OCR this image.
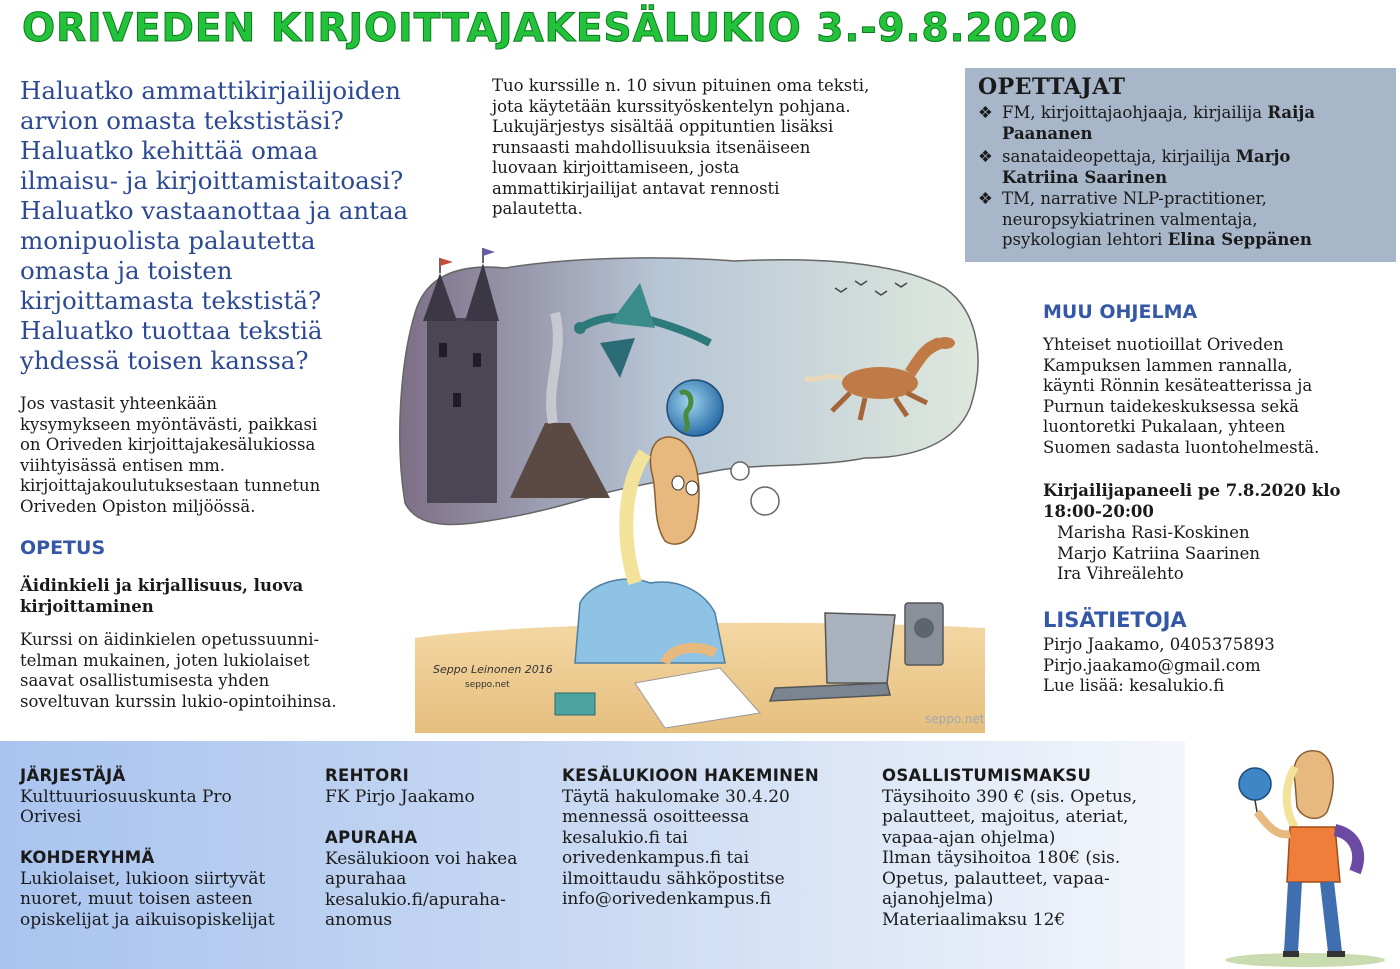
ORIVEDEN KIRJOITTAJAKESÄLUKIO 3.-9.8.2020
Haluatko ammattikirjailijoiden
arvion omasta tekstistäsi?
Haluatko kehittää omaa
ilmaisu- ja kirjoittamistaitoasi?
Haluatko vastaanottaa ja antaa
monipuolista palautetta
omasta ja toisten
kirjoittamasta tekstistä?
Haluatko tuottaa tekstiä
yhdessä toisen kanssa?
Jos vastasit yhteenkään
kysymykseen myöntävästi, paikkasi
on Oriveden kirjoittajakesälukiossa
viihtyisässä entisen mm.
kirjoittajakoulutuksestaan tunnetun
Oriveden Opiston miljöössä.
OPETUS
Äidinkieli ja kirjallisuus, luova
kirjoittaminen
Kurssi on äidinkielen opetussuunni-
telman mukainen, joten lukiolaiset
saavat osallistumisesta yhden
soveltuvan kurssin lukio-opintoihinsa.
Tuo kurssille n. 10 sivun pituinen oma teksti,
jota käytetään kurssityöskentelyn pohjana.
Lukujärjestys sisältää oppituntien lisäksi
runsaasti mahdollisuuksia itsenäiseen
luovaan kirjoittamiseen, josta
ammattikirjailijat antavat rennosti
palautetta.
OPETTAJAT
❖ FM, kirjoittajaohjaaja, kirjailija Raija
Paananen
❖ sanataideopettaja, kirjailija Marjo
Katriina Saarinen
❖ TM, narrative NLP-practitioner,
neuropsykiatrinen valmentaja,
psykologian lehtori Elina Seppänen
Seppo Leinonen 2016
seppo.net
seppo.net
MUU OHJELMA
Yhteiset nuotioillat Oriveden
Kampuksen lammen rannalla,
käynti Rönnin kesäteatterissa ja
Purnun taidekeskuksessa sekä
luontoretki Pukalaan, yhteen
Suomen sadasta luontohelmestä.
Kirjailijapaneeli pe 7.8.2020 klo
18:00-20:00
Marisha Rasi-Koskinen
Marjo Katriina Saarinen
Ira Vihreälehto
LISÄTIETOJA
Pirjo Jaakamo, 0405375893
Pirjo.jaakamo@gmail.com
Lue lisää: kesalukio.fi
JÄRJESTÄJÄ
Kulttuuriosuuskunta Pro
Orivesi
KOHDERYHMÄ
Lukiolaiset, lukioon siirtyvät
nuoret, muut toisen asteen
opiskelijat ja aikuisopiskelijat
REHTORI
FK Pirjo Jaakamo
APURAHA
Kesälukioon voi hakea
apurahaa
kesalukio.fi/apuraha-
anomus
KESÄLUKIOON HAKEMINEN
Täytä hakulomake 30.4.20
mennessä osoitteessa
kesalukio.fi tai
orivedenkampus.fi tai
ilmoittaudu sähköpostitse
info@orivedenkampus.fi
OSALLISTUMISMAKSU
Täysihoito 390 € (sis. Opetus,
palautteet, majoitus, ateriat,
vapaa-ajan ohjelma)
Ilman täysihoitoa 180€ (sis.
Opetus, palautteet, vapaa-
ajanohjelma)
Materiaalimaksu 12€
